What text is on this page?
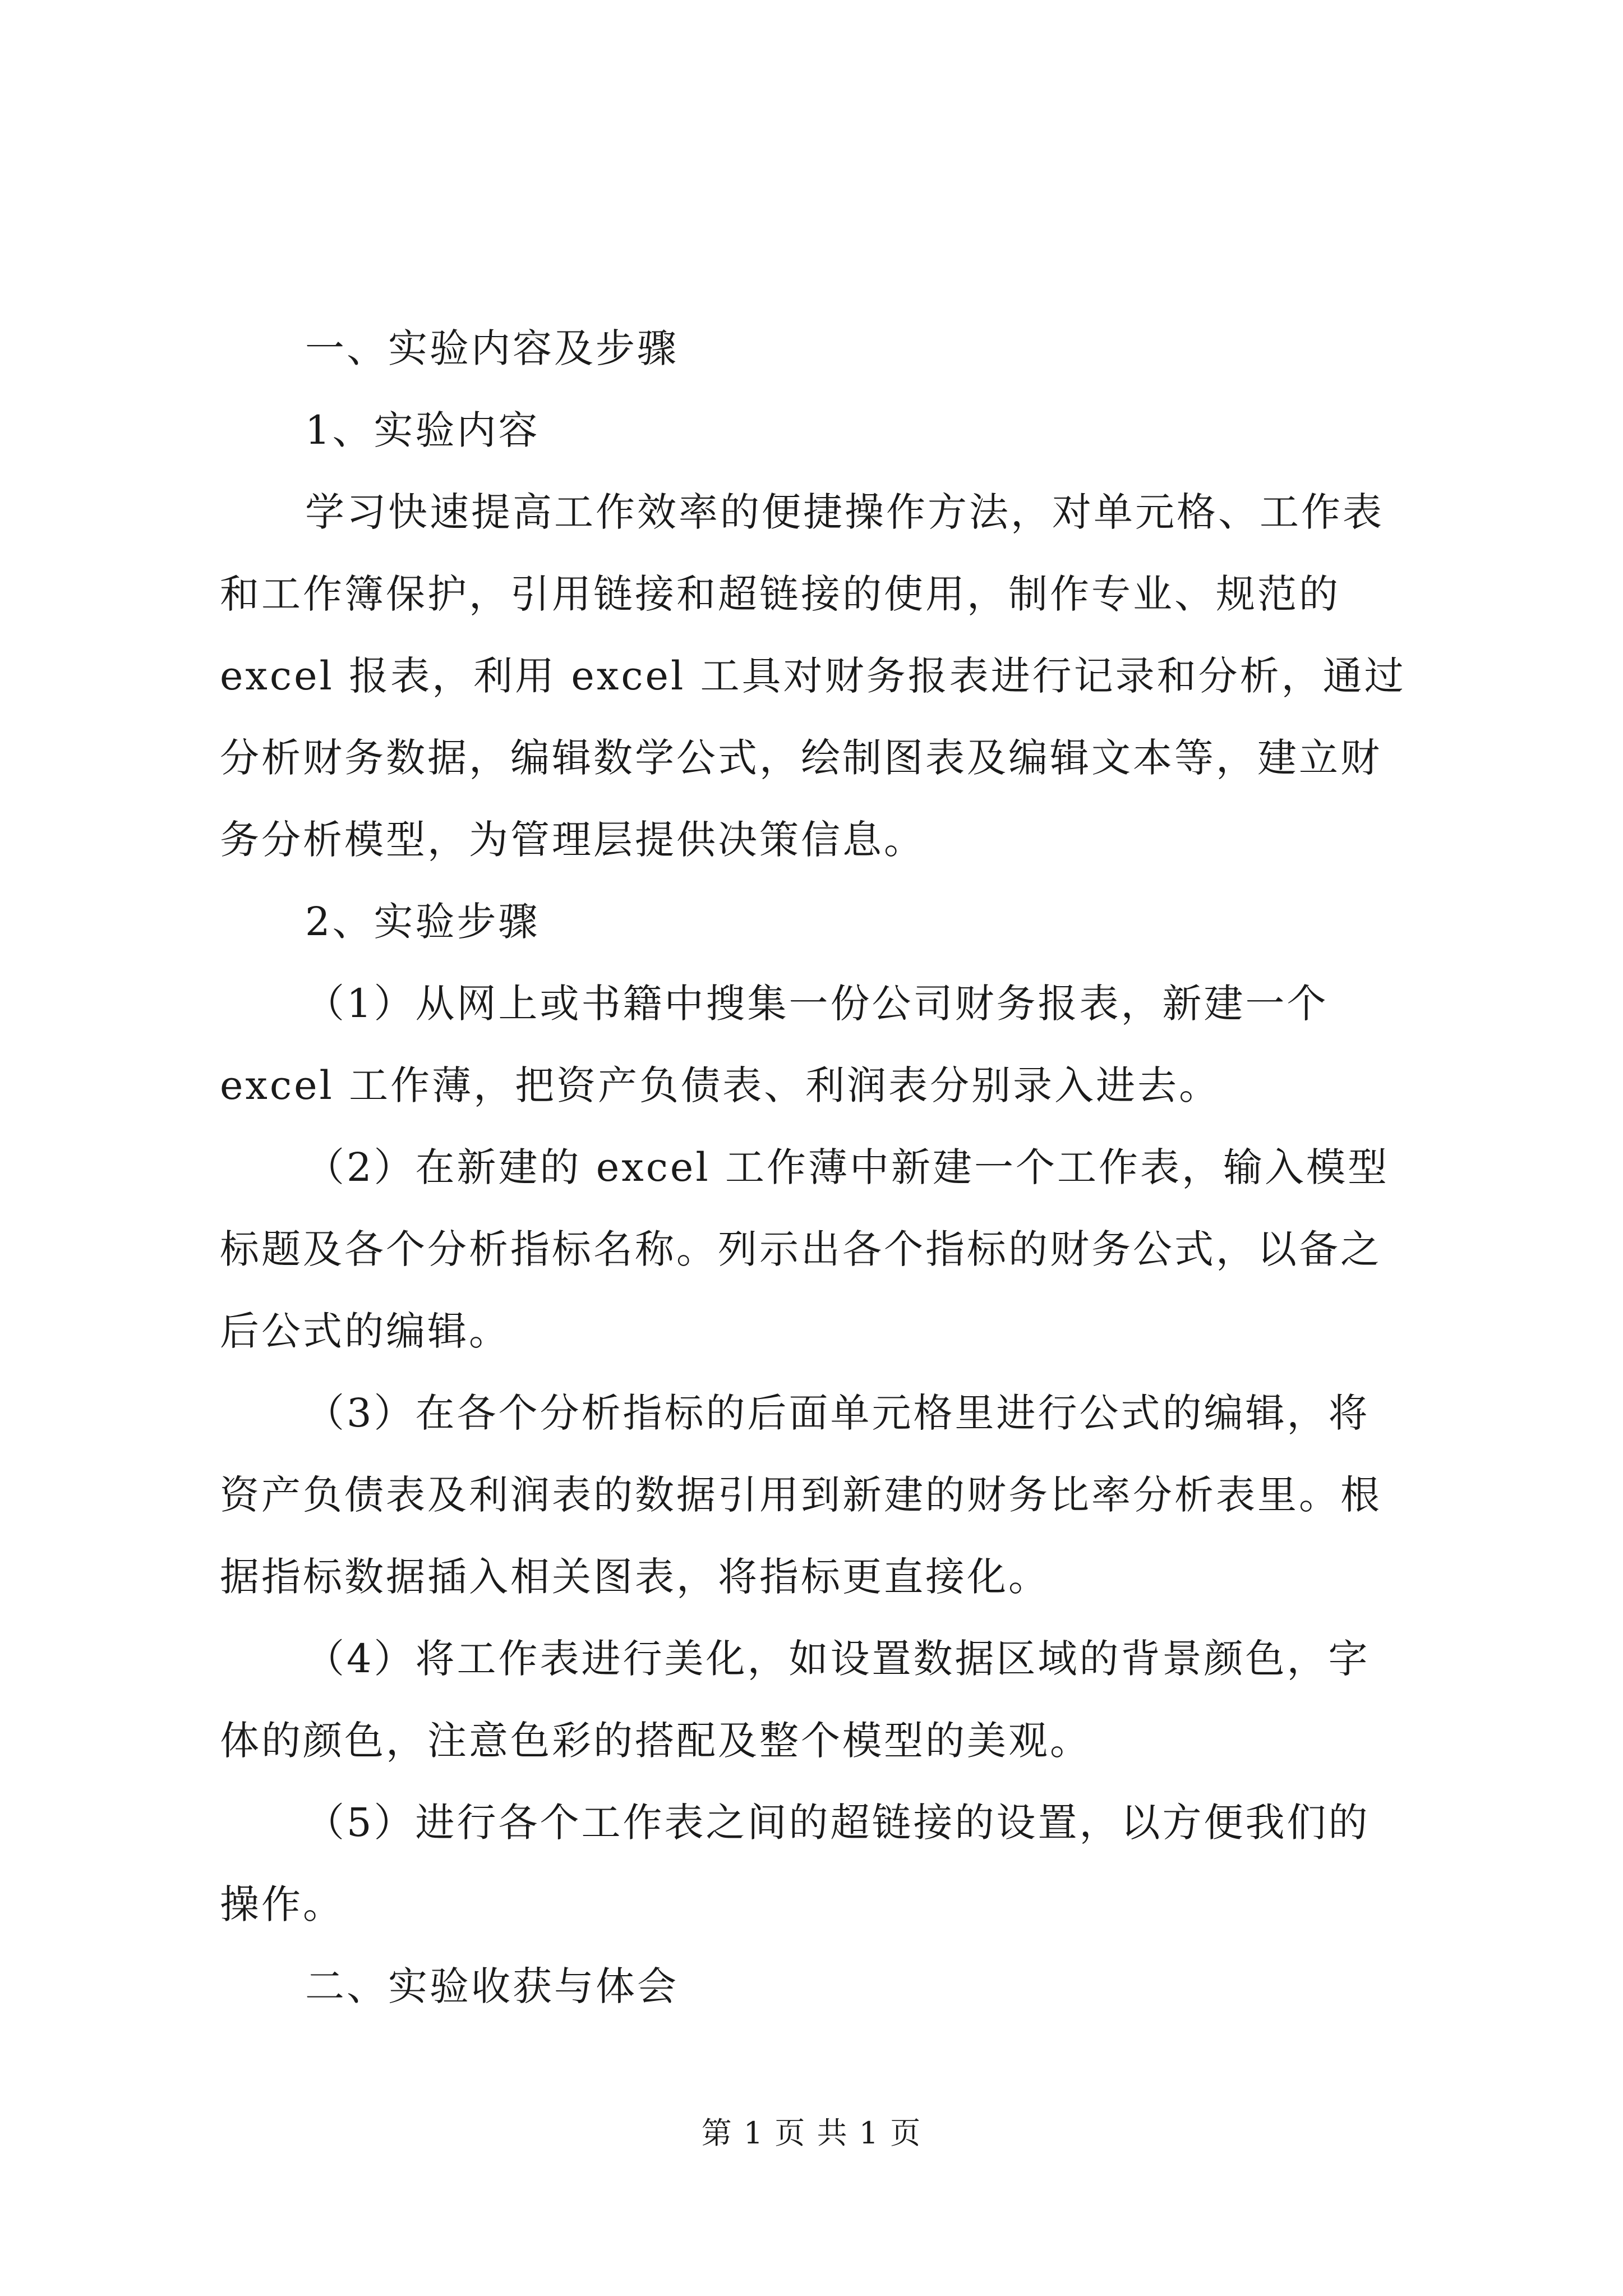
一、实验内容及步骤
1、实验内容
学习快速提高工作效率的便捷操作方法，对单元格、工作表
和工作簿保护，引用链接和超链接的使用，制作专业、规范的
excel 报表，利用 excel 工具对财务报表进行记录和分析，通过
分析财务数据，编辑数学公式，绘制图表及编辑文本等，建立财
务分析模型，为管理层提供决策信息。
2、实验步骤
（1）从网上或书籍中搜集一份公司财务报表，新建一个
excel 工作薄，把资产负债表、利润表分别录入进去。
（2）在新建的 excel 工作薄中新建一个工作表，输入模型
标题及各个分析指标名称。列示出各个指标的财务公式，以备之
后公式的编辑。
（3）在各个分析指标的后面单元格里进行公式的编辑，将
资产负债表及利润表的数据引用到新建的财务比率分析表里。根
据指标数据插入相关图表，将指标更直接化。
（4）将工作表进行美化，如设置数据区域的背景颜色，字
体的颜色，注意色彩的搭配及整个模型的美观。
（5）进行各个工作表之间的超链接的设置，以方便我们的
操作。
二、实验收获与体会
第 1 页 共 1 页
